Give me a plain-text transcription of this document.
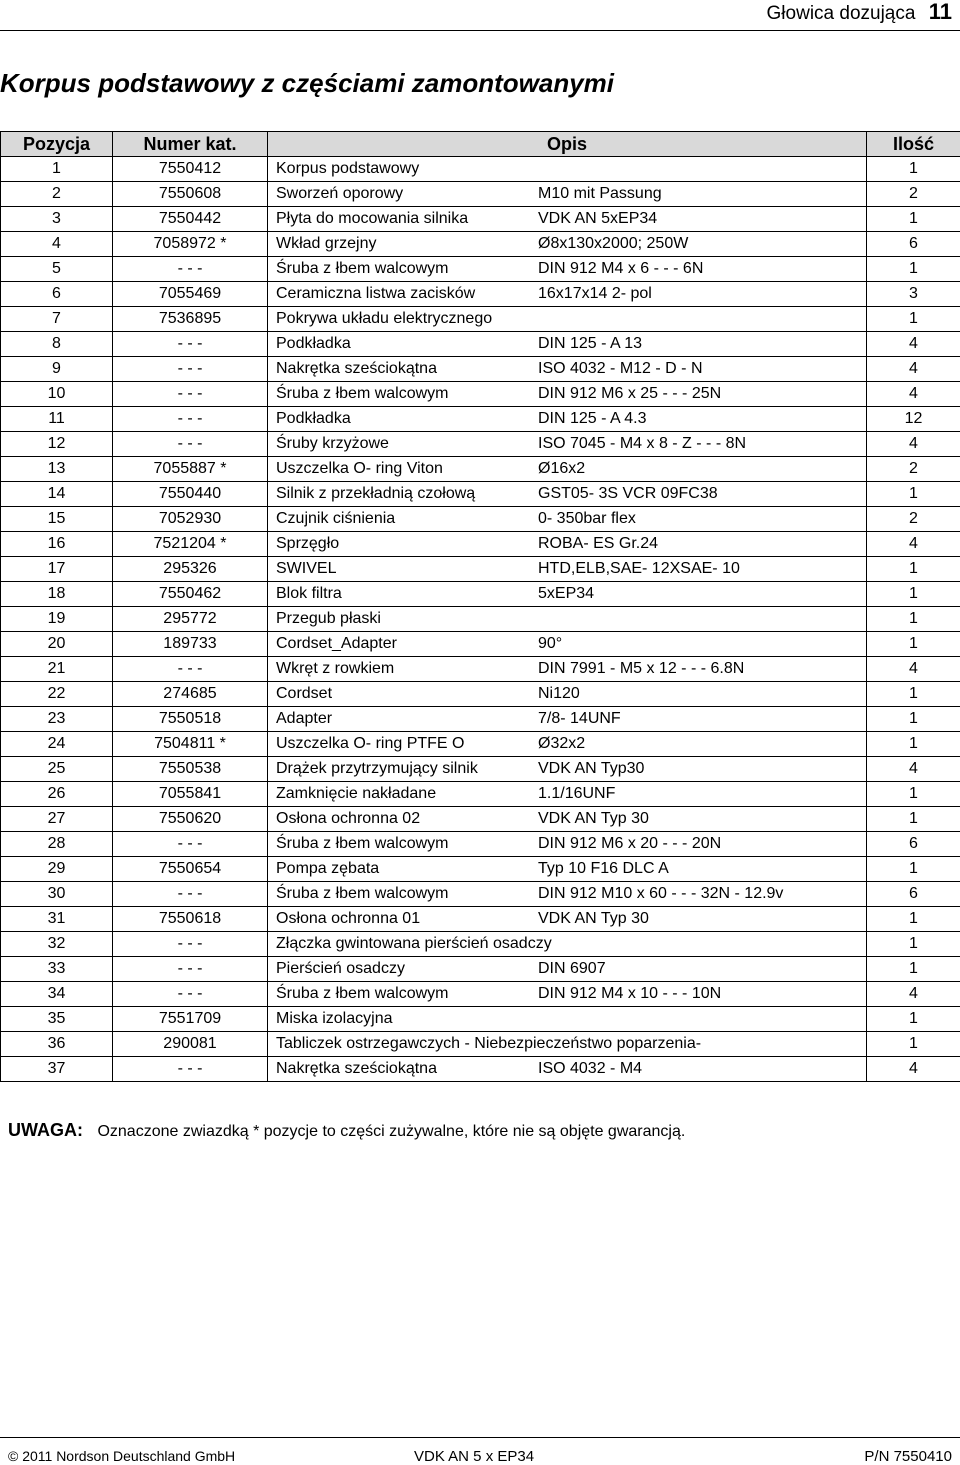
Głowica dozująca 11
Korpus podstawowy z częściami zamontowanymi
Pozycja	Numer kat.	Opis	Ilość
1	7550412	Korpus podstawowy	1
2	7550608	Sworzeń oporowy M10 mit Passung	2
3	7550442	Płyta do mocowania silnika VDK AN 5xEP34	1
4	7058972 *	Wkład grzejny Ø8x130x2000; 250W	6
5	- - -	Śruba z łbem walcowym DIN 912 M4 x 6 - - - 6N	1
6	7055469	Ceramiczna listwa zacisków 16x17x14 2- pol	3
7	7536895	Pokrywa układu elektrycznego	1
8	- - -	Podkładka DIN 125 - A 13	4
9	- - -	Nakrętka sześciokątna ISO 4032 - M12 - D - N	4
10	- - -	Śruba z łbem walcowym DIN 912 M6 x 25 - - - 25N	4
11	- - -	Podkładka DIN 125 - A 4.3	12
12	- - -	Śruby krzyżowe ISO 7045 - M4 x 8 - Z - - - 8N	4
13	7055887 *	Uszczelka O- ring Viton Ø16x2	2
14	7550440	Silnik z przekładnią czołową GST05- 3S VCR 09FC38	1
15	7052930	Czujnik ciśnienia 0- 350bar flex	2
16	7521204 *	Sprzęgło ROBA- ES Gr.24	4
17	295326	SWIVEL HTD,ELB,SAE- 12XSAE- 10	1
18	7550462	Blok filtra 5xEP34	1
19	295772	Przegub płaski	1
20	189733	Cordset_Adapter 90°	1
21	- - -	Wkręt z rowkiem DIN 7991 - M5 x 12 - - - 6.8N	4
22	274685	Cordset Ni120	1
23	7550518	Adapter 7/8- 14UNF	1
24	7504811 *	Uszczelka O- ring PTFE O Ø32x2	1
25	7550538	Drążek przytrzymujący silnik VDK AN Typ30	4
26	7055841	Zamknięcie nakładane 1.1/16UNF	1
27	7550620	Osłona ochronna 02 VDK AN Typ 30	1
28	- - -	Śruba z łbem walcowym DIN 912 M6 x 20 - - - 20N	6
29	7550654	Pompa zębata Typ 10 F16 DLC A	1
30	- - -	Śruba z łbem walcowym DIN 912 M10 x 60 - - - 32N - 12.9v	6
31	7550618	Osłona ochronna 01 VDK AN Typ 30	1
32	- - -	Złączka gwintowana pierścień osadczy	1
33	- - -	Pierścień osadczy DIN 6907	1
34	- - -	Śruba z łbem walcowym DIN 912 M4 x 10 - - - 10N	4
35	7551709	Miska izolacyjna	1
36	290081	Tabliczek ostrzegawczych - Niebezpieczeństwo poparzenia-	1
37	- - -	Nakrętka sześciokątna ISO 4032 - M4	4
UWAGA: Oznaczone zwiazdką * pozycje to części zużywalne, które nie są objęte gwarancją.
© 2011 Nordson Deutschland GmbH	VDK AN 5 x EP34	P/N 7550410
